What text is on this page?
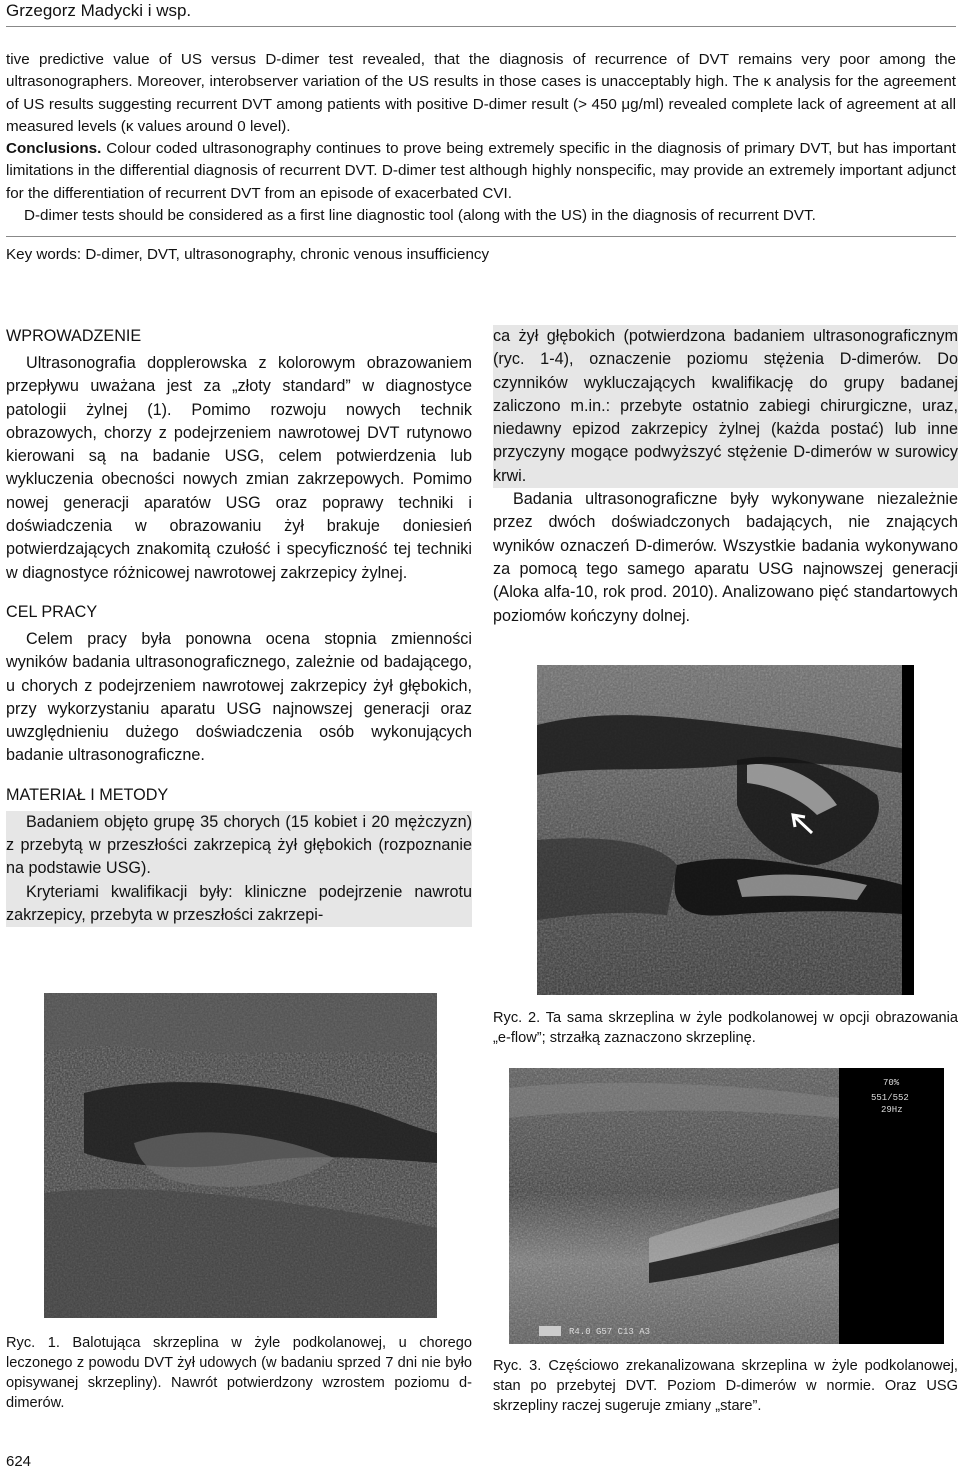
Grzegorz Madycki i wsp.

tive predictive value of US versus D-dimer test revealed, that the diagnosis of recurrence of DVT remains very poor among the ultrasonographers. Moreover, interobserver variation of the US results in those cases is unacceptably high. The κ analysis for the agreement of US results suggesting recurrent DVT among patients with positive D-dimer result (> 450 μg/ml) revealed complete lack of agreement at all measured levels (κ values around 0 level).

Conclusions. Colour coded ultrasonography continues to prove being extremely specific in the diagnosis of primary DVT, but has important limitations in the differential diagnosis of recurrent DVT. D-dimer test although highly nonspecific, may provide an extremely important adjunct for the differentiation of recurrent DVT from an episode of exacerbated CVI.

D-dimer tests should be considered as a first line diagnostic tool (along with the US) in the diagnosis of recurrent DVT.

Key words: D-dimer, DVT, ultrasonography, chronic venous insufficiency
WPROWADZENIE

Ultrasonografia dopplerowska z kolorowym obrazowaniem przepływu uważana jest za „złoty standard” w diagnostyce patologii żylnej (1). Pomimo rozwoju nowych technik obrazowych, chorzy z podejrzeniem nawrotowej DVT rutynowo kierowani są na badanie USG, celem potwierdzenia lub wykluczenia obecności nowych zmian zakrzepowych. Pomimo nowej generacji aparatów USG oraz poprawy techniki i doświadczenia w obrazowaniu żył brakuje doniesień potwierdzających znakomitą czułość i specyficzność tej techniki w diagnostyce różnicowej nawrotowej zakrzepicy żylnej.

CEL PRACY

Celem pracy była ponowna ocena stopnia zmienności wyników badania ultrasonograficznego, zależnie od badającego, u chorych z podejrzeniem nawrotowej zakrzepicy żył głębokich, przy wykorzystaniu aparatu USG najnowszej generacji oraz uwzględnieniu dużego doświadczenia osób wykonujących badanie ultrasonograficzne.

MATERIAŁ I METODY

Badaniem objęto grupę 35 chorych (15 kobiet i 20 mężczyzn) z przebytą w przeszłości zakrzepicą żył głębokich (rozpoznanie na podstawie USG).

Kryteriami kwalifikacji były: kliniczne podejrzenie nawrotu zakrzepicy, przebyta w przeszłości zakrzepi-

ca żył głębokich (potwierdzona badaniem ultrasonograficznym (ryc. 1-4), oznaczenie poziomu stężenia D-dimerów. Do czynników wykluczających kwalifikację do grupy badanej zaliczono m.in.: przebyte ostatnio zabiegi chirurgiczne, uraz, niedawny epizod zakrzepicy żylnej (każda postać) lub inne przyczyny mogące podwyższyć stężenie D-dimerów w surowicy krwi.

Badania ultrasonograficzne były wykonywane niezależnie przez dwóch doświadczonych badających, nie znających wyników oznaczeń D-dimerów. Wszystkie badania wykonywano za pomocą tego samego aparatu USG najnowszej generacji (Aloka alfa-10, rok prod. 2010). Analizowano pięć standartowych poziomów kończyny dolnej.

Ryc. 2. Ta sama skrzeplina w żyle podkolanowej w opcji obrazowania „e-flow”; strzałką zaznaczono skrzeplinę.
Ryc. 1. Balotująca skrzeplina w żyle podkolanowej, u chorego leczonego z powodu DVT żył udowych (w badaniu sprzed 7 dni nie było opisywanej skrzepliny). Nawrót potwierdzony wzrostem poziomu d-dimerów.
70%
551/552
29Hz
R4.0 G57 C13 A3
Ryc. 3. Częściowo zrekanalizowana skrzeplina w żyle podkolanowej, stan po przebytej DVT. Poziom D-dimerów w normie. Oraz USG skrzepliny raczej sugeruje zmiany „stare”.
624
